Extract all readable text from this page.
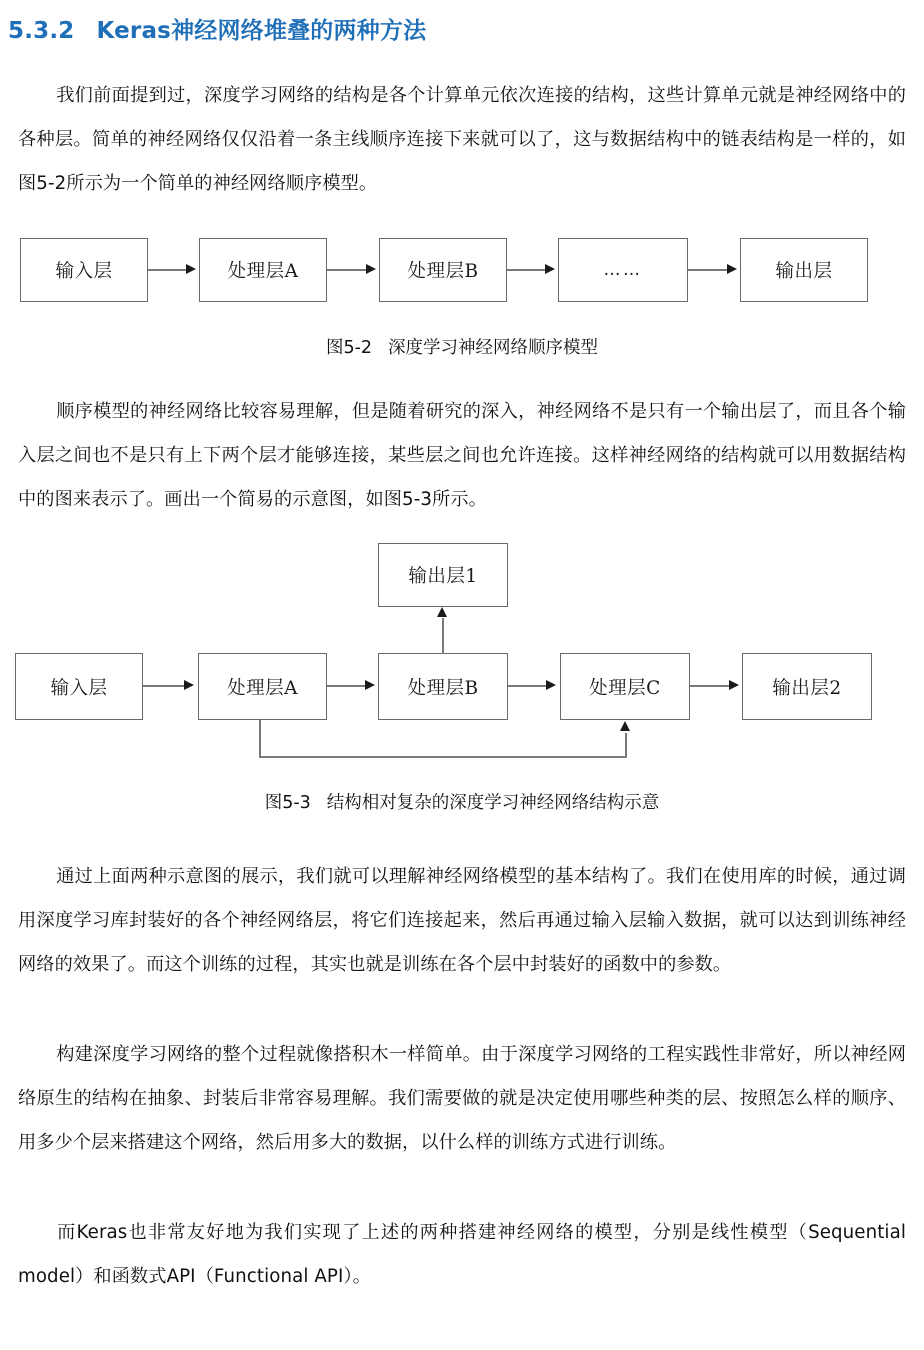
5.3.2 Keras神经网络堆叠的两种方法
我们前面提到过，深度学习网络的结构是各个计算单元依次连接的结构，这些计算单元就是神经网络中的各种层。简单的神经网络仅仅沿着一条主线顺序连接下来就可以了，这与数据结构中的链表结构是一样的，如图5-2所示为一个简单的神经网络顺序模型。
输入层	处理层A	处理层B	……	输出层
图5-2 深度学习神经网络顺序模型
顺序模型的神经网络比较容易理解，但是随着研究的深入，神经网络不是只有一个输出层了，而且各个输入层之间也不是只有上下两个层才能够连接，某些层之间也允许连接。这样神经网络的结构就可以用数据结构中的图来表示了。画出一个简易的示意图，如图5-3所示。
输出层1
输入层	处理层A	处理层B	处理层C	输出层2
图5-3 结构相对复杂的深度学习神经网络结构示意
通过上面两种示意图的展示，我们就可以理解神经网络模型的基本结构了。我们在使用库的时候，通过调用深度学习库封装好的各个神经网络层，将它们连接起来，然后再通过输入层输入数据，就可以达到训练神经网络的效果了。而这个训练的过程，其实也就是训练在各个层中封装好的函数中的参数。
构建深度学习网络的整个过程就像搭积木一样简单。由于深度学习网络的工程实践性非常好，所以神经网络原生的结构在抽象、封装后非常容易理解。我们需要做的就是决定使用哪些种类的层、按照怎么样的顺序、用多少个层来搭建这个网络，然后用多大的数据，以什么样的训练方式进行训练。
而Keras也非常友好地为我们实现了上述的两种搭建神经网络的模型，分别是线性模型（Sequential model）和函数式API（Functional API）。
